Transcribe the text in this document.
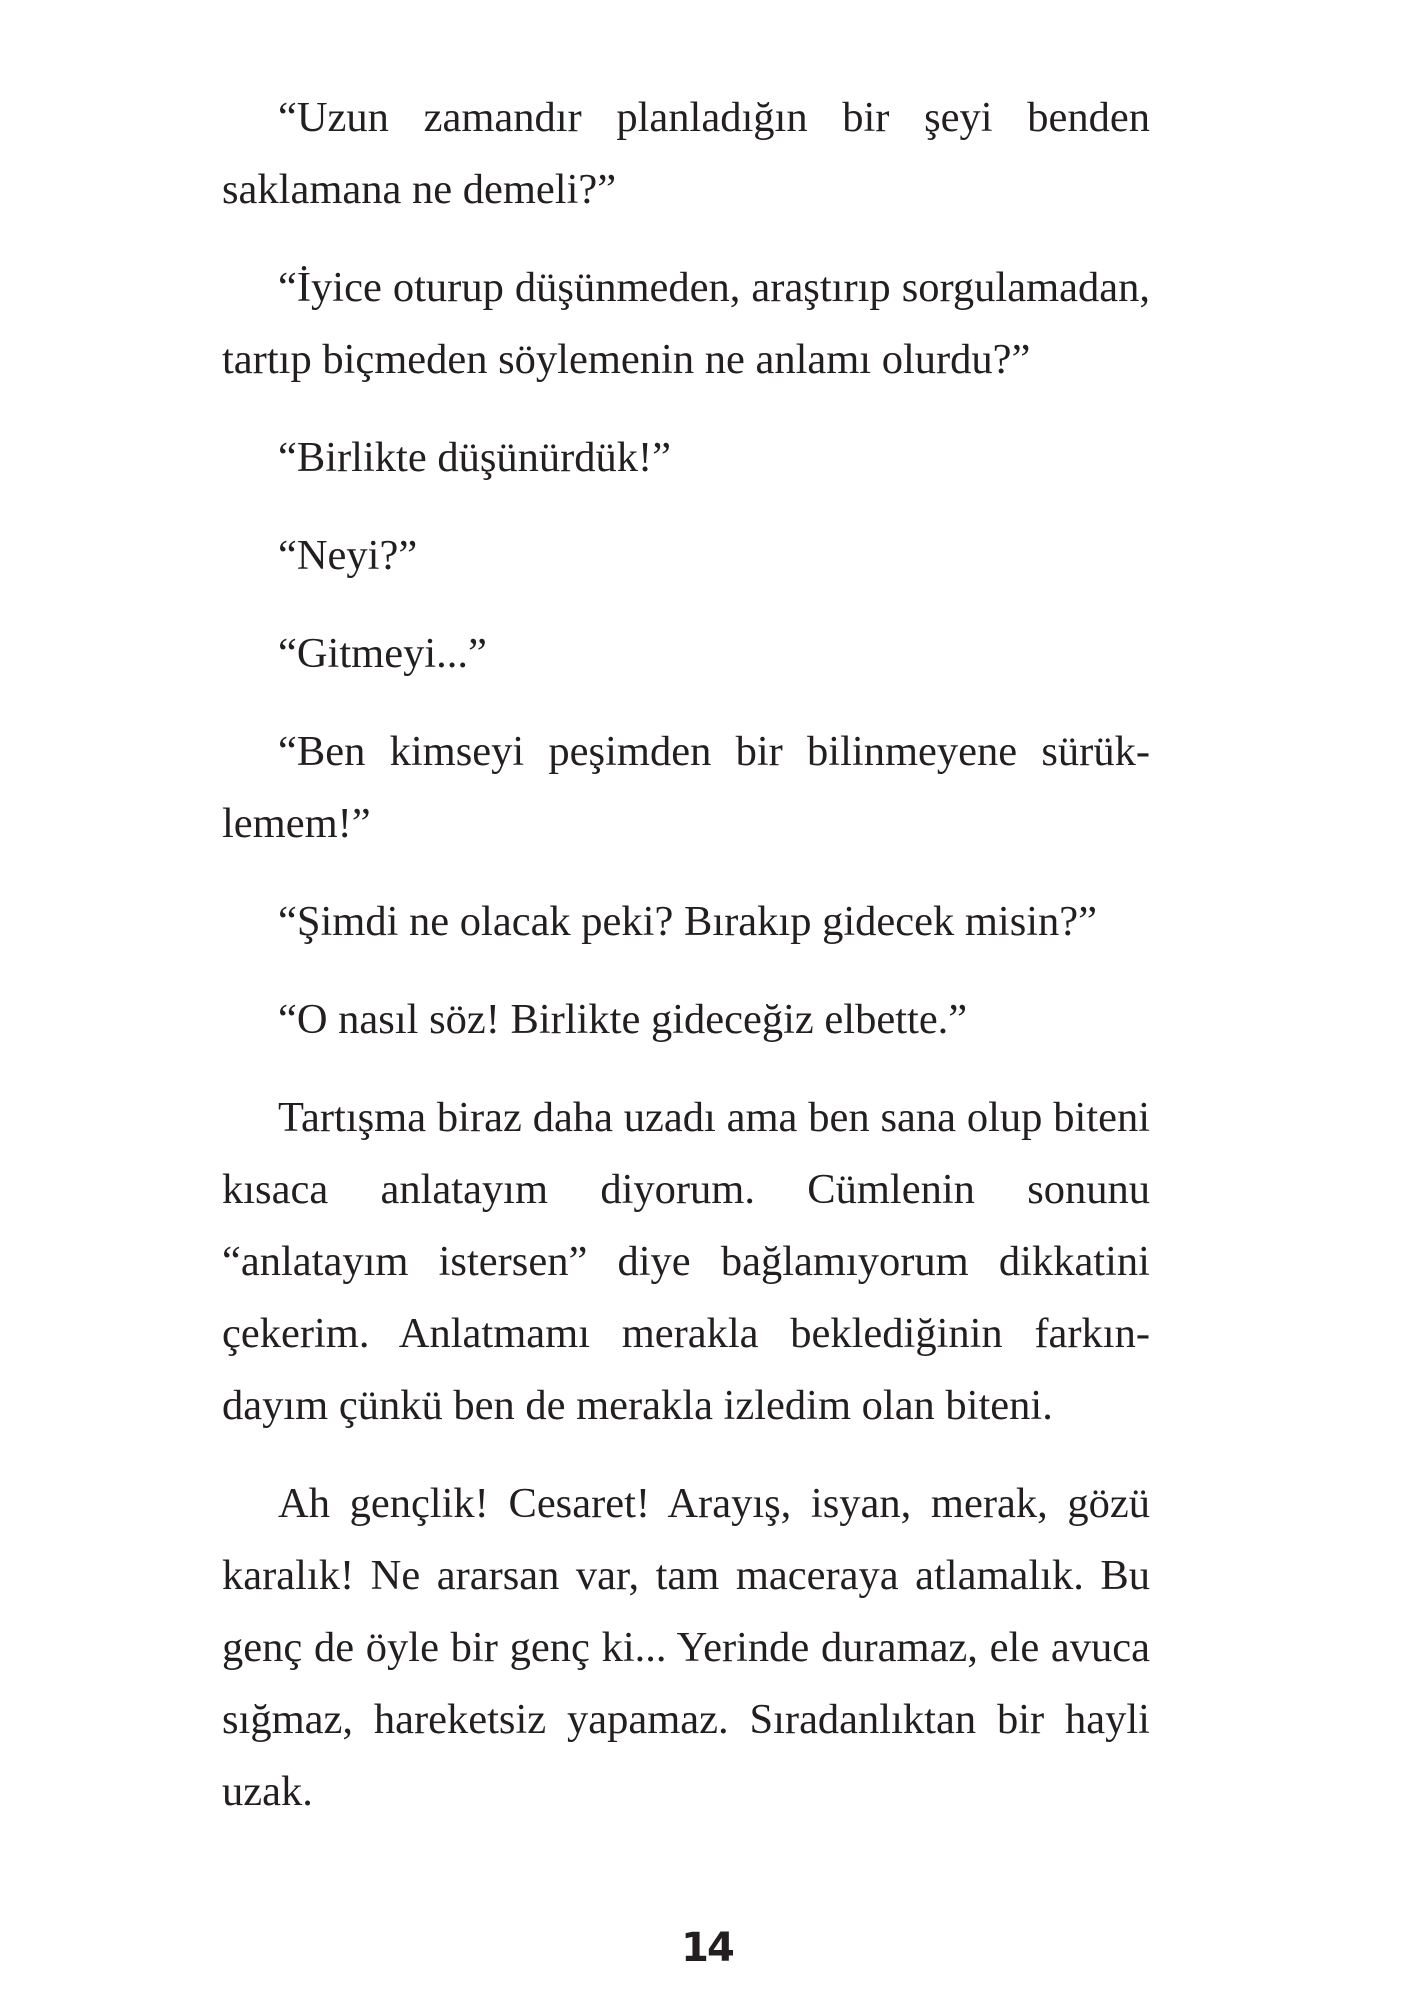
“Uzun zamandır planladığın bir şeyi benden saklamana ne demeli?”

“İyice oturup düşünmeden, araştırıp sorgulamadan, tartıp biçmeden söylemenin ne anlamı olurdu?”

“Birlikte düşünürdük!”

“Neyi?”

“Gitmeyi...”

“Ben kimseyi peşimden bir bilinmeyene sürüklemem!”

“Şimdi ne olacak peki? Bırakıp gidecek misin?”

“O nasıl söz! Birlikte gideceğiz elbette.”

Tartışma biraz daha uzadı ama ben sana olup biteni kısaca anlatayım diyorum. Cümlenin sonunu “anlatayım istersen” diye bağlamıyorum dikkatini çekerim. Anlatmamı merakla beklediğinin farkındayım çünkü ben de merakla izledim olan biteni.

Ah gençlik! Cesaret! Arayış, isyan, merak, gözü karalık! Ne ararsan var, tam maceraya atlamalık. Bu genç de öyle bir genç ki... Yerinde duramaz, ele avuca sığmaz, hareketsiz yapamaz. Sıradanlıktan bir hayli uzak.

14
